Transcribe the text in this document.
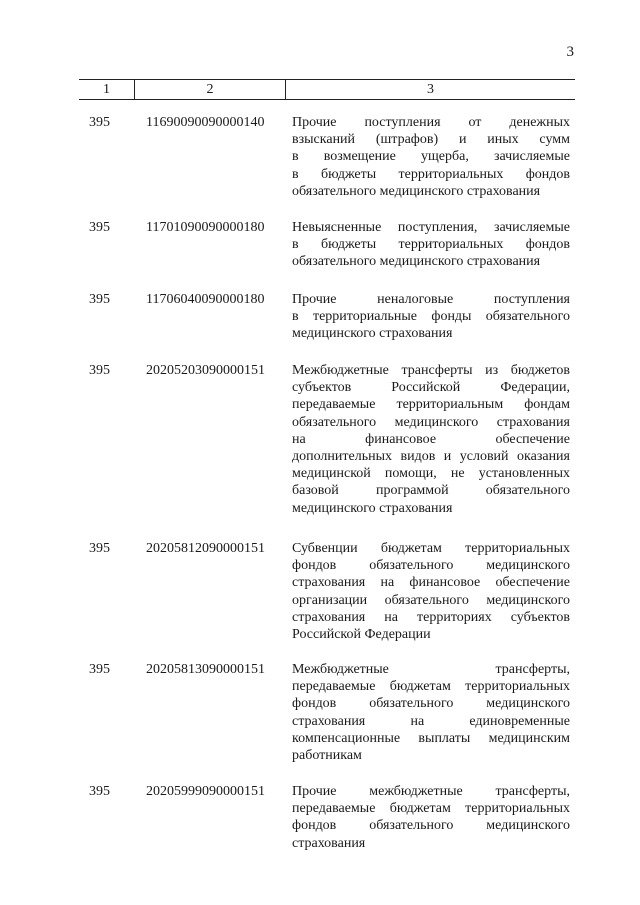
3
1	2	3
395	11690090090000140 Прочие поступления от денежных
взысканий (штрафов) и иных сумм
в возмещение ущерба, зачисляемые
в бюджеты территориальных фондов
обязательного медицинского страхования
395	11701090090000180 Невыясненные поступления, зачисляемые
в бюджеты территориальных фондов
обязательного медицинского страхования
395	11706040090000180 Прочие неналоговые поступления
в территориальные фонды обязательного
медицинского страхования
395	20205203090000151 Межбюджетные трансферты из бюджетов
субъектов Российской Федерации,
передаваемые территориальным фондам
обязательного медицинского страхования
на финансовое обеспечение
дополнительных видов и условий оказания
медицинской помощи, не установленных
базовой программой обязательного
медицинского страхования
395	20205812090000151 Субвенции бюджетам территориальных
фондов обязательного медицинского
страхования на финансовое обеспечение
организации обязательного медицинского
страхования на территориях субъектов
Российской Федерации
395	20205813090000151 Межбюджетные трансферты,
передаваемые бюджетам территориальных
фондов обязательного медицинского
страхования на единовременные
компенсационные выплаты медицинским
работникам
395	20205999090000151 Прочие межбюджетные трансферты,
передаваемые бюджетам территориальных
фондов обязательного медицинского
страхования
